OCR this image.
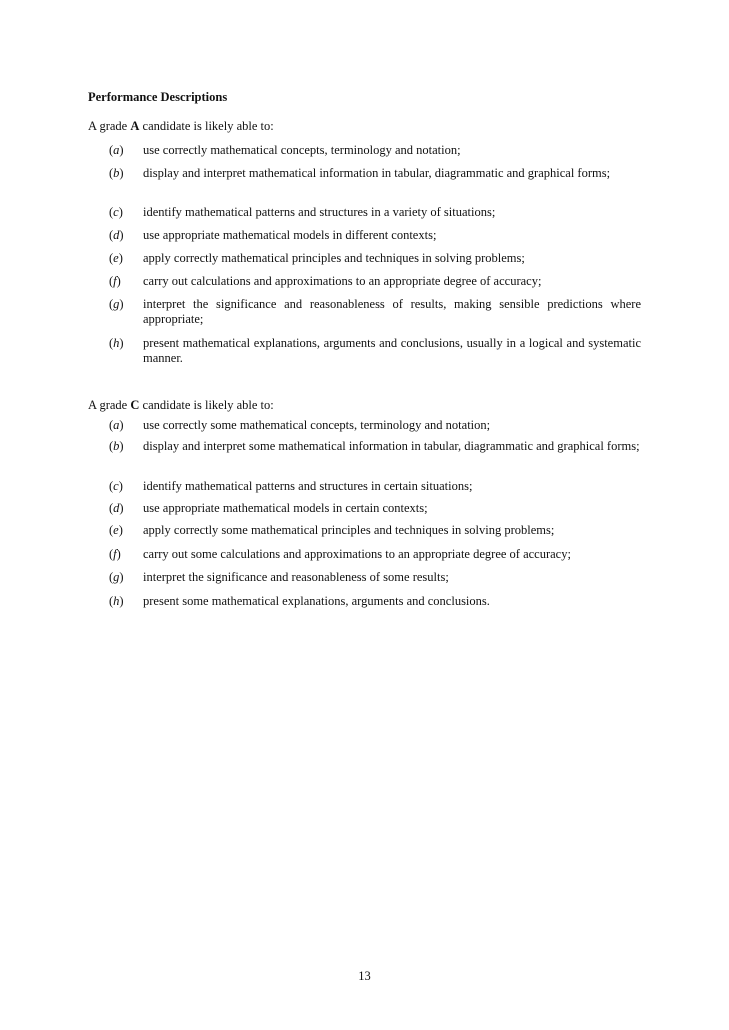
Performance Descriptions

A grade A candidate is likely able to:

(a) use correctly mathematical concepts, terminology and notation;
(b) display and interpret mathematical information in tabular, diagrammatic and graphical forms;
(c) identify mathematical patterns and structures in a variety of situations;
(d) use appropriate mathematical models in different contexts;
(e) apply correctly mathematical principles and techniques in solving problems;
(f) carry out calculations and approximations to an appropriate degree of accuracy;
(g) interpret the significance and reasonableness of results, making sensible predictions where appropriate;
(h) present mathematical explanations, arguments and conclusions, usually in a logical and systematic manner.

A grade C candidate is likely able to:

(a) use correctly some mathematical concepts, terminology and notation;
(b) display and interpret some mathematical information in tabular, diagrammatic and graphical forms;
(c) identify mathematical patterns and structures in certain situations;
(d) use appropriate mathematical models in certain contexts;
(e) apply correctly some mathematical principles and techniques in solving problems;
(f) carry out some calculations and approximations to an appropriate degree of accuracy;
(g) interpret the significance and reasonableness of some results;
(h) present some mathematical explanations, arguments and conclusions.
13
